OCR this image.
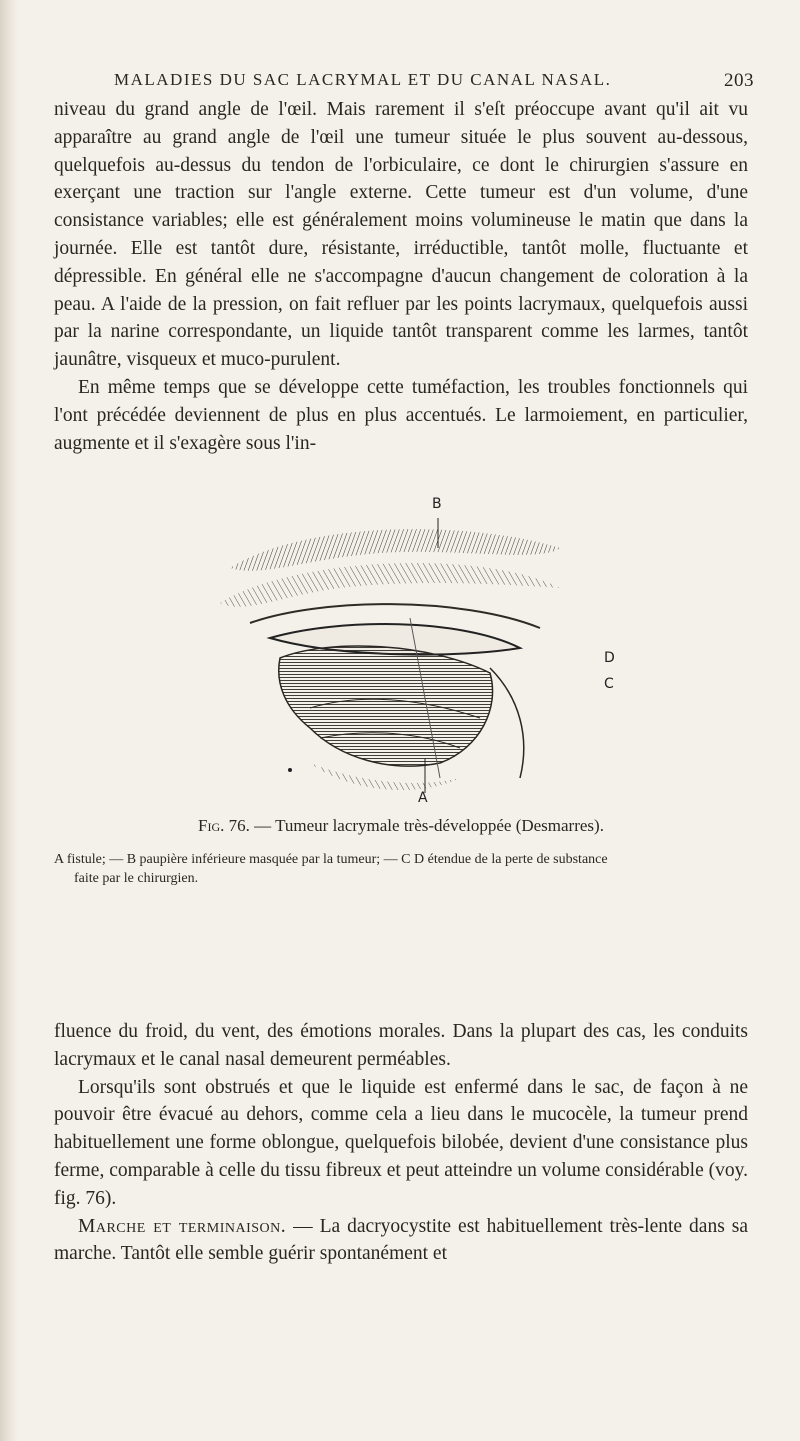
MALADIES DU SAC LACRYMAL ET DU CANAL NASAL.	203

niveau du grand angle de l'œil. Mais rarement il s'eſt préoccupe avant qu'il ait vu apparaître au grand angle de l'œil une tumeur située le plus souvent au-dessous, quelquefois au-dessus du tendon de l'orbiculaire, ce dont le chirurgien s'assure en exerçant une traction sur l'angle externe. Cette tumeur est d'un volume, d'une consistance variables; elle est généralement moins volumineuse le matin que dans la journée. Elle est tantôt dure, résistante, irréductible, tantôt molle, fluctuante et dépressible. En général elle ne s'accompagne d'aucun changement de coloration à la peau. A l'aide de la pression, on fait refluer par les points lacrymaux, quelquefois aussi par la narine correspondante, un liquide tantôt transparent comme les larmes, tantôt jaunâtre, visqueux et muco-purulent.

En même temps que se développe cette tuméfaction, les troubles fonctionnels qui l'ont précédée deviennent de plus en plus accentués. Le larmoiement, en particulier, augmente et il s'exagère sous l'in-

B
D
C
A
Fig. 76. — Tumeur lacrymale très-développée (Desmarres).
A fistule; — B paupière inférieure masquée par la tumeur; — C D étendue de la perte de substance
faite par le chirurgien.

fluence du froid, du vent, des émotions morales. Dans la plupart des cas, les conduits lacrymaux et le canal nasal demeurent perméables.

Lorsqu'ils sont obstrués et que le liquide est enfermé dans le sac, de façon à ne pouvoir être évacué au dehors, comme cela a lieu dans le mucocèle, la tumeur prend habituellement une forme oblongue, quelquefois bilobée, devient d'une consistance plus ferme, comparable à celle du tissu fibreux et peut atteindre un volume considérable (voy. fig. 76).

Marche et terminaison. — La dacryocystite est habituellement très-lente dans sa marche. Tantôt elle semble guérir spontanément et
